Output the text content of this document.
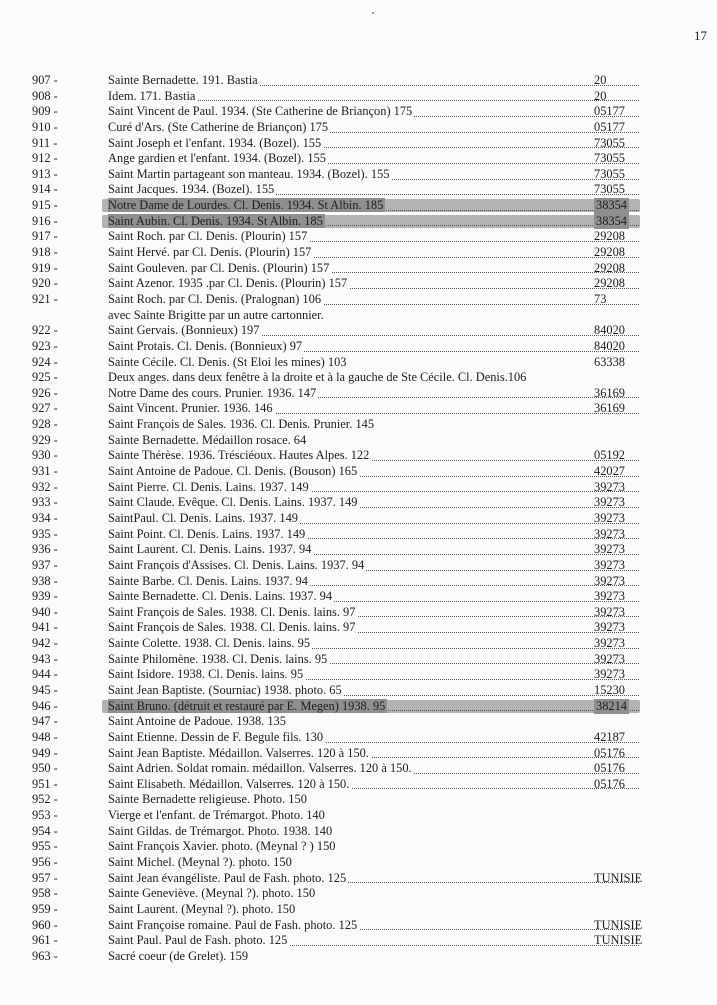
17
907 -	Sainte Bernadette. 191. Bastia	20
908 -	Idem. 171. Bastia	20
909 -	Saint Vincent de Paul. 1934. (Ste Catherine de Briançon) 175	05177
910 -	Curé d'Ars. (Ste Catherine de Briançon) 175	05177
911 -	Saint Joseph et l'enfant. 1934. (Bozel). 155	73055
912 -	Ange gardien et l'enfant. 1934. (Bozel). 155	73055
913 -	Saint Martin partageant son manteau. 1934. (Bozel). 155	73055
914 -	Saint Jacques. 1934. (Bozel). 155	73055
915 -	Notre Dame de Lourdes. Cl. Denis. 1934. St Albin. 185	38354
916 -	Saint Aubin. Cl. Denis. 1934. St Albin. 185	38354
917 -	Saint Roch. par Cl. Denis. (Plourin) 157	29208
918 -	Saint Hervé. par Cl. Denis. (Plourin) 157	29208
919 -	Saint Gouleven. par Cl. Denis. (Plourin) 157	29208
920 -	Saint Azenor. 1935 .par Cl. Denis. (Plourin) 157	29208
921 -	Saint Roch. par Cl. Denis. (Pralognan) 106	73
avec Sainte Brigitte par un autre cartonnier.
922 -	Saint Gervais. (Bonnieux) 197	84020
923 -	Saint Protais. Cl. Denis. (Bonnieux) 97	84020
924 -	Sainte Cécile. Cl. Denis. (St Eloi les mines) 103	63338
925 -	Deux anges. dans deux fenêtre à la droite et à la gauche de Ste Cécile. Cl. Denis.106
926 -	Notre Dame des cours. Prunier. 1936. 147	36169
927 -	Saint Vincent. Prunier. 1936. 146	36169
928 -	Saint François de Sales. 1936. Cl. Denis. Prunier. 145
929 -	Sainte Bernadette. Médaillon rosace. 64
930 -	Sainte Thérèse. 1936. Trésciéoux. Hautes Alpes. 122	05192
931 -	Saint Antoine de Padoue. Cl. Denis. (Bouson) 165	42027
932 -	Saint Pierre. Cl. Denis. Lains. 1937. 149	39273
933 -	Saint Claude. Evêque. Cl. Denis. Lains. 1937. 149	39273
934 -	SaintPaul. Cl. Denis. Lains. 1937. 149	39273
935 -	Saint Point. Cl. Denis. Lains. 1937. 149	39273
936 -	Saint Laurent. Cl. Denis. Lains. 1937. 94	39273
937 -	Saint François d'Assises. Cl. Denis. Lains. 1937. 94	39273
938 -	Sainte Barbe. Cl. Denis. Lains. 1937. 94	39273
939 -	Sainte Bernadette. Cl. Denis. Lains. 1937. 94	39273
940 -	Saint François de Sales. 1938. Cl. Denis. lains. 97	39273
941 -	Saint François de Sales. 1938. Cl. Denis. lains. 97	39273
942 -	Sainte Colette. 1938. Cl. Denis. lains. 95	39273
943 -	Sainte Philomène. 1938. Cl. Denis. lains. 95	39273
944 -	Saint Isidore. 1938. Cl. Denis. lains. 95	39273
945 -	Saint Jean Baptiste. (Sourniac) 1938. photo. 65	15230
946 -	Saint Bruno. (détruit et restauré par E. Megen) 1938. 95	38214
947 -	Saint Antoine de Padoue. 1938. 135
948 -	Saint Etienne. Dessin de F. Begule fils. 130	42187
949 -	Saint Jean Baptiste. Médaillon. Valserres. 120 à 150.	05176
950 -	Saint Adrien. Soldat romain. médaillon. Valserres. 120 à 150.	05176
951 -	Saint Elisabeth. Médaillon. Valserres. 120 à 150.	05176
952 -	Sainte Bernadette religieuse. Photo. 150
953 -	Vierge et l'enfant. de Trémargot. Photo. 140
954 -	Saint Gildas. de Trémargot. Photo. 1938. 140
955 -	Saint François Xavier. photo. (Meynal ? ) 150
956 -	Saint Michel. (Meynal ?). photo. 150
957 -	Saint Jean évangéliste. Paul de Fash. photo. 125	TUNISIE
958 -	Sainte Geneviève. (Meynal ?). photo. 150
959 -	Saint Laurent. (Meynal ?). photo. 150
960 -	Saint Françoise romaine. Paul de Fash. photo. 125	TUNISIE
961 -	Saint Paul. Paul de Fash. photo. 125	TUNISIE
963 -	Sacré coeur (de Grelet). 159
